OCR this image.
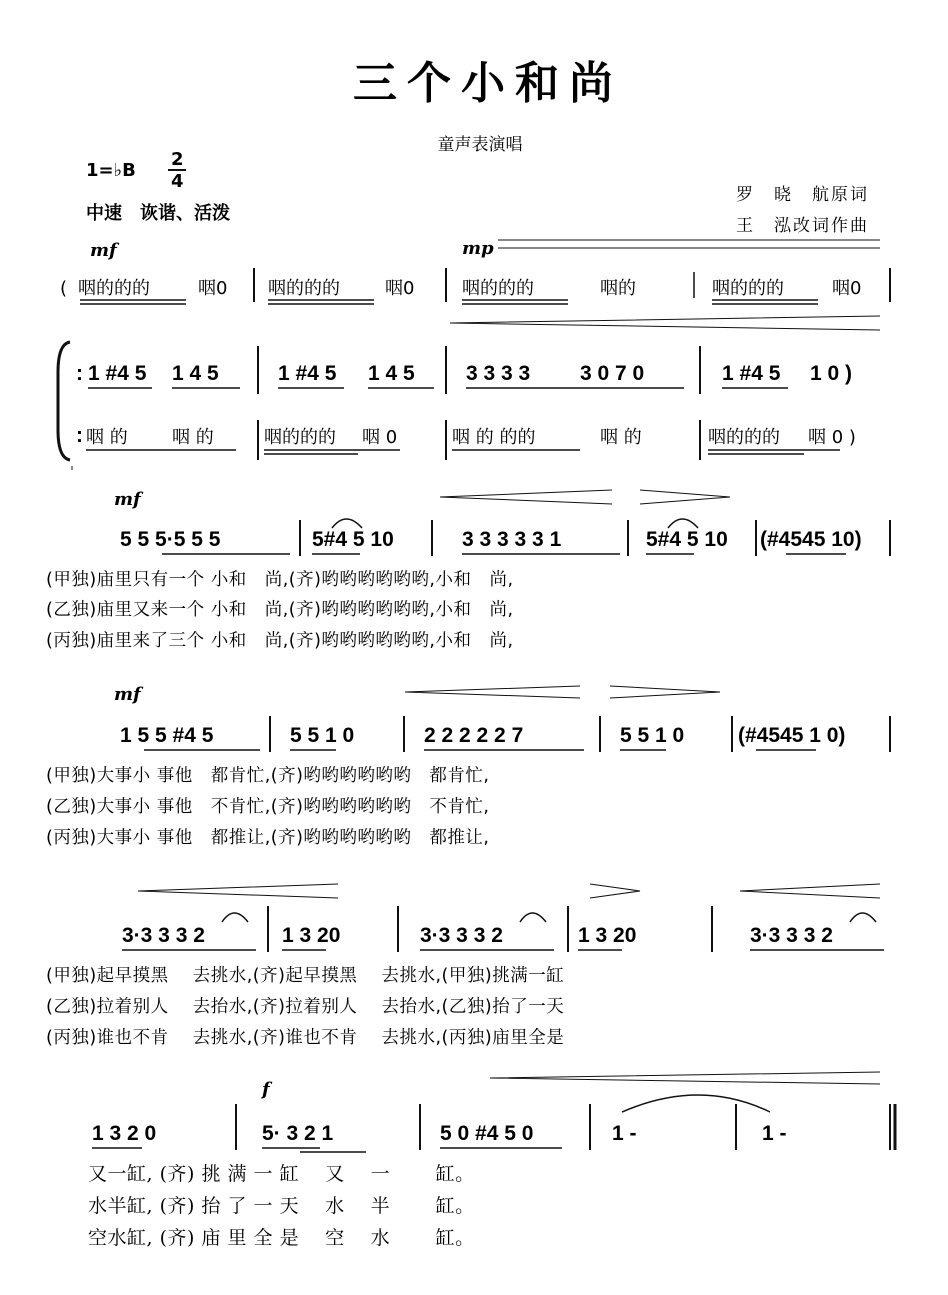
三个小和尚
童声表演唱
1=♭B
2
4
中速　诙谐、活泼
罗　晓　航原词
王　泓改词作曲
mf	mp
( 咽的的的	咽0 咽的的的	咽0	咽的的的	咽的	咽的的的	咽0
1 #4 5 1 4 5	1 #4 5 1 4 5 3 3 3 3 3 0 7 0	1 #4 5 1 0 )
:
: 咽 的 咽 的	咽的的的 咽 0	咽 的 的的	咽 的	咽的的的 咽 0 )
mf
5 5 5·5 5 5	5#4 5 10	3 3 3 3 3 1	5#4 5 10 (#4545 10)
(甲独)庙里只有一个 小和　尚,(齐)哟哟哟哟哟哟,小和　尚,
(乙独)庙里又来一个 小和　尚,(齐)哟哟哟哟哟哟,小和　尚,
(丙独)庙里来了三个 小和　尚,(齐)哟哟哟哟哟哟,小和　尚,
mf
1 5 5 #4 5	5 5 1 0	2 2 2 2 2 7	5 5 1 0	(#4545 1 0)
(甲独)大事小 事他　都肯忙,(齐)哟哟哟哟哟哟　都肯忙,
(乙独)大事小 事他　不肯忙,(齐)哟哟哟哟哟哟　不肯忙,
(丙独)大事小 事他　都推让,(齐)哟哟哟哟哟哟　都推让,
3·3 3 3 2	1 3 20	3·3 3 3 2	1 3 20	3·3 3 3 2
(甲独)起早摸黑　 去挑水,(齐)起早摸黑　 去挑水,(甲独)挑满一缸
(乙独)拉着别人　 去抬水,(齐)拉着别人　 去抬水,(乙独)抬了一天
(丙独)谁也不肯　 去挑水,(齐)谁也不肯　 去挑水,(丙独)庙里全是
f
1 3 2 0	5· 3 2 1	5 0 #4 5 0	1 -	1 -
又一缸, (齐) 挑 满 一 缸　 又　 一　　 缸。
水半缸, (齐) 抬 了 一 天　 水　 半　　 缸。
空水缸, (齐) 庙 里 全 是　 空　 水　　 缸。
